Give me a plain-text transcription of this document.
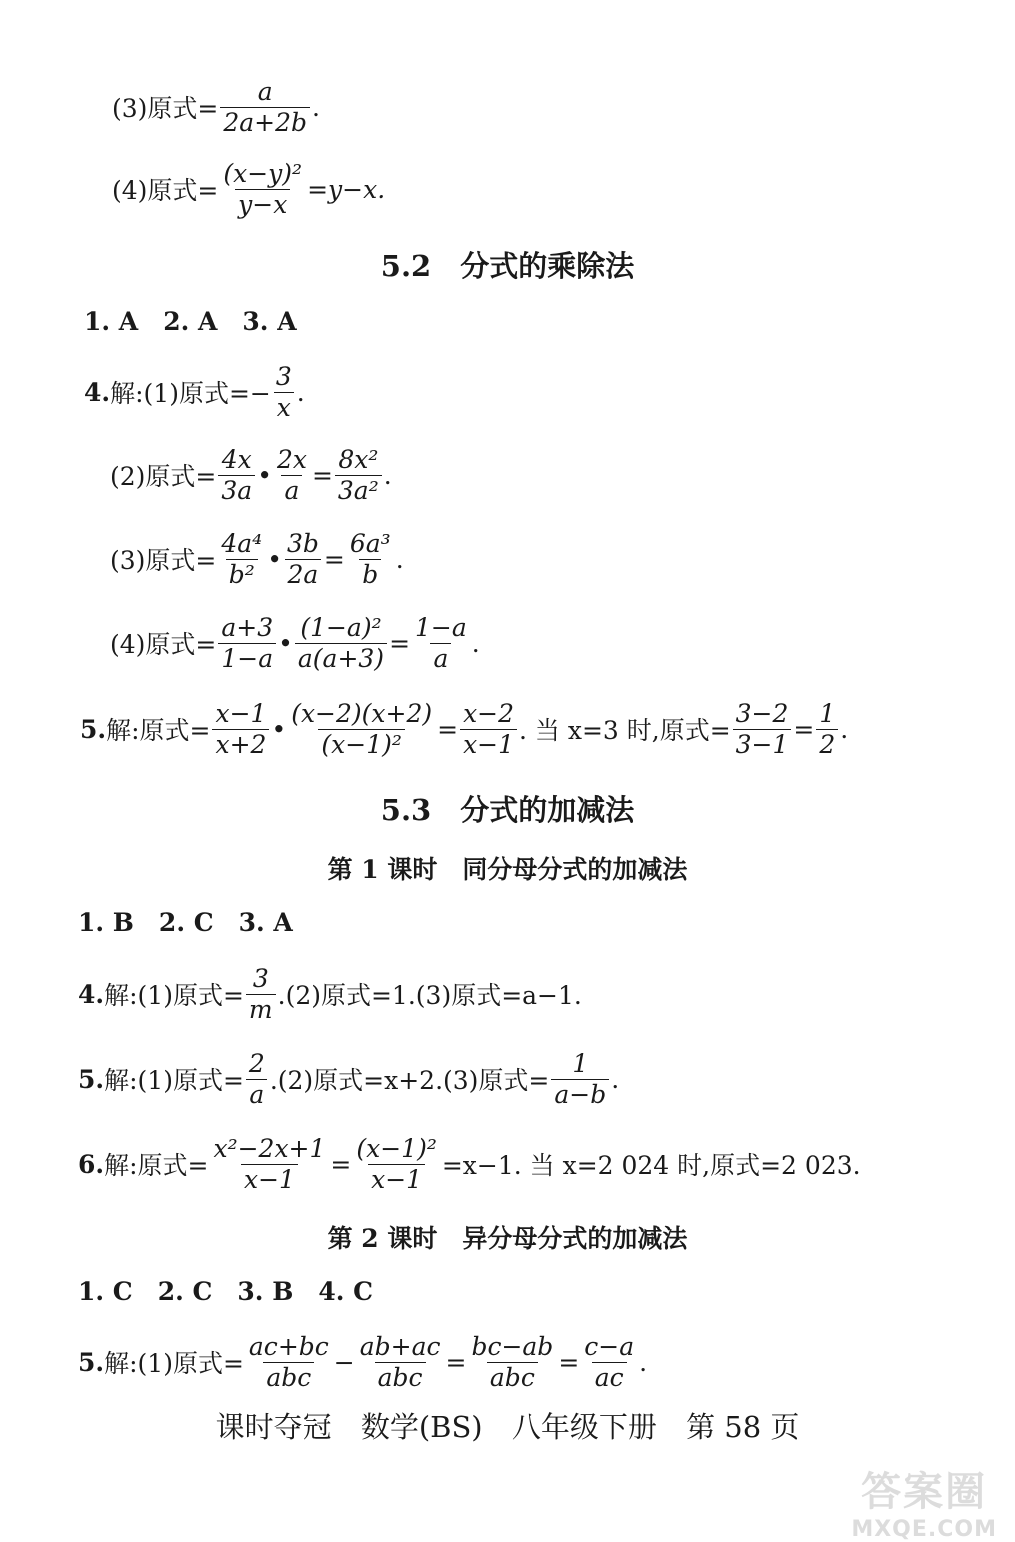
(3)原式= $\frac{a}{2a+2b}$ .
(4)原式= $\frac{\text{(x−y)²}}{y-x} =y-x$.
5.2　分式的乘除法
1. A　2. A　3. A
4. 解:(1)原式=− $\frac{3}{x}$ .
(2)原式= $\frac{4x}{3a}$ • $\frac{2x}{a} = \frac{\text{8x²}}{\text{3a²}}$ .
(3)原式= $\frac{\text{4a⁴}}{\text{b²}}$ • $\frac{3b}{2a} = \frac{\text{6a³}}{b}$ .
(4)原式= $\frac{a+3}{1-a}$ • $\frac{\text{(1−a)²}}{a(a+3)} = \frac{1-a}{a}$ .
5. 解:原式= $\frac{x-1}{x+2}$ • $\frac{(x-2)(x+2)}{\text{(x−1)²}} = \frac{x-2}{x-1}$ . 当 x=3 时,原式= $\frac{3-2}{3-1} = \frac{1}{2}$ .
5.3　分式的加减法
第 1 课时　同分母分式的加减法
1. B　2. C　3. A
4. 解:(1)原式= $\frac{3}{m} .(2)$原式=1.(3)原式=a−1.
5. 解:(1)原式= $\frac{2}{a} .(2)$原式=x+2.(3)原式= $\frac{1}{a-b}$ .
6. 解:原式= $\frac{\text{x²−2x+1}}{x-1} = \frac{\text{(x−1)²}}{x-1} =x-1$. 当 x=2 024 时,原式=2 023.
第 2 课时　异分母分式的加减法
1. C　2. C　3. B　4. C
5. 解:(1)原式= $\frac{ac+bc}{\text{abc}} - \frac{ab+ac}{\text{abc}} = \frac{bc-ab}{\text{abc}} = \frac{c-a}{ac}$ .
课时夺冠 数学(BS) 八年级下册 第 58 页
答案圈
MXQE.COM
